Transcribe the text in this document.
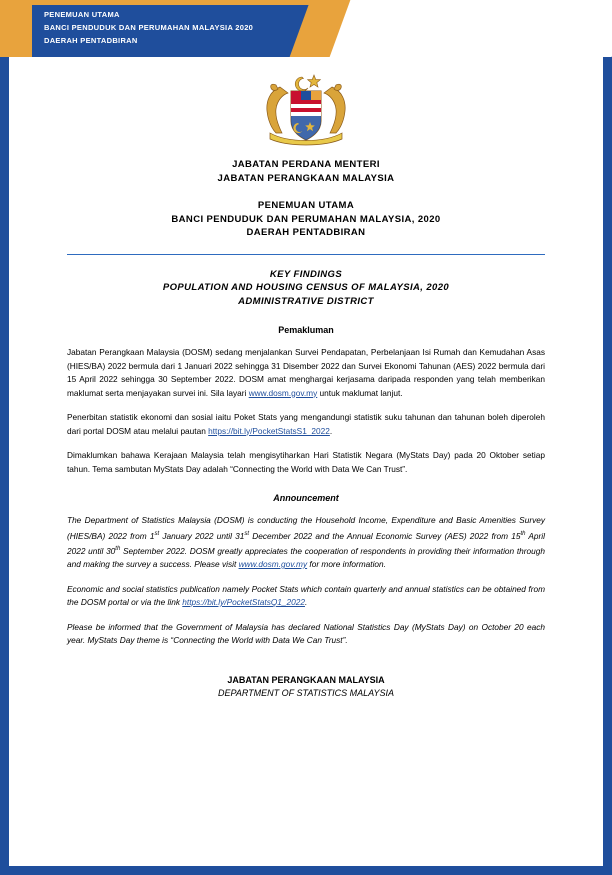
PENEMUAN UTAMA
BANCI PENDUDUK DAN PERUMAHAN MALAYSIA 2020
DAERAH PENTADBIRAN
JABATAN PERDANA MENTERI
JABATAN PERANGKAAN MALAYSIA
PENEMUAN UTAMA
BANCI PENDUDUK DAN PERUMAHAN MALAYSIA, 2020
DAERAH PENTADBIRAN
KEY FINDINGS
POPULATION AND HOUSING CENSUS OF MALAYSIA, 2020
ADMINISTRATIVE DISTRICT
Pemakluman

Jabatan Perangkaan Malaysia (DOSM) sedang menjalankan Survei Pendapatan, Perbelanjaan Isi Rumah dan Kemudahan Asas (HIES/BA) 2022 bermula dari 1 Januari 2022 sehingga 31 Disember 2022 dan Survei Ekonomi Tahunan (AES) 2022 bermula dari 15 April 2022 sehingga 30 September 2022. DOSM amat menghargai kerjasama daripada responden yang telah memberikan maklumat serta menjayakan survei ini. Sila layari www.dosm.gov.my untuk maklumat lanjut.

Penerbitan statistik ekonomi dan sosial iaitu Poket Stats yang mengandungi statistik suku tahunan dan tahunan boleh diperoleh dari portal DOSM atau melalui pautan https://bit.ly/PocketStatsS1_2022.

Dimaklumkan bahawa Kerajaan Malaysia telah mengisytiharkan Hari Statistik Negara (MyStats Day) pada 20 Oktober setiap tahun. Tema sambutan MyStats Day adalah “Connecting the World with Data We Can Trust”.

Announcement

The Department of Statistics Malaysia (DOSM) is conducting the Household Income, Expenditure and Basic Amenities Survey (HIES/BA) 2022 from 1st January 2022 until 31st December 2022 and the Annual Economic Survey (AES) 2022 from 15th April 2022 until 30th September 2022. DOSM greatly appreciates the cooperation of respondents in providing their information through and making the survey a success. Please visit www.dosm.gov.my for more information.

Economic and social statistics publication namely Pocket Stats which contain quarterly and annual statistics can be obtained from the DOSM portal or via the link https://bit.ly/PocketStatsQ1_2022.

Please be informed that the Government of Malaysia has declared National Statistics Day (MyStats Day) on October 20 each year. MyStats Day theme is “Connecting the World with Data We Can Trust”.

JABATAN PERANGKAAN MALAYSIA
DEPARTMENT OF STATISTICS MALAYSIA
